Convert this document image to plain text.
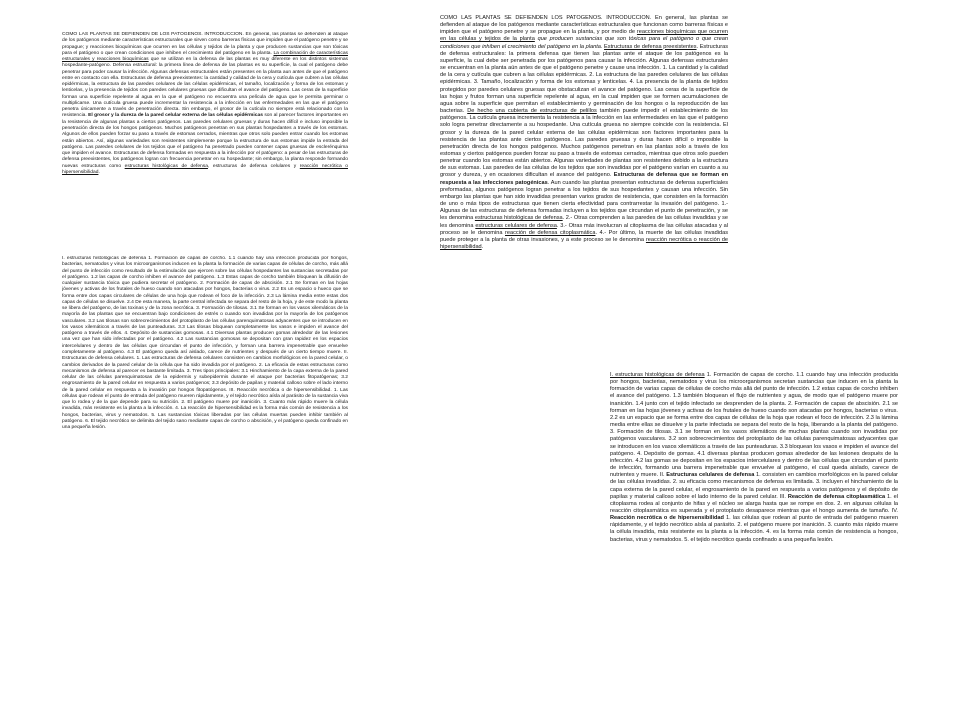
COMO LAS PLANTAS SE DEFIENDEN DE LOS PATÓGENOS. INTRODUCCIÓN. En general, las plantas se defienden al ataque de los patógenos mediante características estructurales que sirven como barreras físicas que impiden que el patógeno penetre y se propague; y reacciones bioquímicas que ocurren en las células y tejidos de la planta y que producen sustancias que son tóxicas para el patógeno o que crean condiciones que inhiben el crecimiento del patógeno en la planta. La combinación de características estructurales y reacciones bioquímicas que se utilizan en la defensa de las plantas es muy diferente en los distintos sistemas hospedante-patógeno. Defensa estructural: la primera línea de defensa de las plantas es su superficie, la cual el patógeno debe penetrar para poder causar la infección. Algunas defensas estructurales están presentes en la planta aun antes de que el patógeno entre en contacto con ella. Estructuras de defensa preexistentes: la cantidad y calidad de la cera y cutícula que cubren a las células epidérmicas, la estructura de las paredes celulares de las células epidérmicas, el tamaño, localización y forma de los estomas y lenticelas, y la presencia de tejidos con paredes celulares gruesas que dificultan el avance del patógeno. Las ceras de la superficie forman una superficie repelente al agua en la que el patógeno no encuentra una película de agua que le permita germinar o multiplicarse. Una cutícula gruesa puede incrementar la resistencia a la infección en las enfermedades en las que el patógeno penetra únicamente a través de penetración directa. Sin embargo, el grosor de la cutícula no siempre está relacionado con la resistencia. El grosor y la dureza de la pared celular externa de las células epidérmicas son al parecer factores importantes en la resistencia de algunas plantas a ciertos patógenos. Las paredes celulares gruesas y duras hacen difícil e incluso imposible la penetración directa de los hongos patógenos. Muchos patógenos penetran en sus plantas hospedantes a través de los estomas. Algunos de ellos pueden forzar su paso a través de estomas cerrados, mientras que otros solo pueden entrar cuando los estomas están abiertos. Así, algunas variedades son resistentes simplemente porque la estructura de sus estomas impide la entrada del patógeno. Las paredes celulares de los tejidos que el patógeno ha penetrado pueden contener capas gruesas de esclerénquima que impiden el avance. Estructuras de defensa formadas en respuesta a la infección por el patógeno: a pesar de las estructuras de defensa preexistentes, los patógenos logran con frecuencia penetrar en su hospedante; sin embargo, la planta responde formando nuevas estructuras como estructuras histológicas de defensa, estructuras de defensa celulares y reacción necrótica o hipersensibilidad.

I. estructuras histológicas de defensa 1. Formación de capas de corcho. 1.1 cuando hay una infección producida por hongos, bacterias, nematodos y virus los microorganismos inducen en la planta la formación de varias capas de células de corcho, más allá del punto de infección como resultado de la estimulación que ejercen sobre las células hospedantes las sustancias secretadas por el patógeno. 1.2 las capas de corcho inhiben el avance del patógeno. 1.3 Estas capas de corcho también bloquean la difusión de cualquier sustancia tóxica que pudiera secretar el patógeno. 2. Formación de capas de abscisión. 2.1 Se forman en las hojas jóvenes y activas de los frutales de hueso cuando son atacadas por hongos, bacterias o virus. 2.2 Es un espacio o hueco que se forma entre dos capas circulares de células de una hoja que rodean el foco de la infección. 2.3 La lámina media entre estas dos capas de células se disuelve. 2.4 De esta manera, la parte central infectada se separa del resto de la hoja, y de este modo la planta se libera del patógeno, de las toxinas y de la zona necrótica. 3. Formación de tilosas. 3.1 Se forman en los vasos xilemáticos de la mayoría de las plantas que se encuentran bajo condiciones de estrés o cuando son invadidas por la mayoría de los patógenos vasculares. 3.2 Las tilosas son sobrecrecimientos del protoplasto de las células parenquimatosas adyacentes que se introducen en los vasos xilemáticos a través de las punteaduras. 3.3 Las tilosas bloquean completamente los vasos e impiden el avance del patógeno a través de ellos. 4. Depósito de sustancias gomosas. 4.1 Diversas plantas producen gomas alrededor de las lesiones una vez que han sido infectadas por el patógeno. 4.2 Las sustancias gomosas se depositan con gran rapidez en los espacios intercelulares y dentro de las células que circundan el punto de infección, y forman una barrera impenetrable que envuelve completamente al patógeno. 4.3 El patógeno queda así aislado, carece de nutrientes y después de un cierto tiempo muere. II. Estructuras de defensa celulares. 1. Las estructuras de defensa celulares consisten en cambios morfológicos en la pared celular, o cambios derivados de la pared celular de la célula que ha sido invadida por el patógeno. 2. La eficacia de estas estructuras como mecanismos de defensa al parecer es bastante limitada. 3. Tres tipos principales: 3.1 Hinchamiento de la capa externa de la pared celular de las células parenquimatosas de la epidermis y subepidermis durante el ataque por bacterias fitopatógenas; 3.2 engrosamiento de la pared celular en respuesta a varios patógenos; 3.3 depósito de papilas y material calloso sobre el lado interno de la pared celular en respuesta a la invasión por hongos fitopatógenos. III. Reacción necrótica o de hipersensibilidad. 1. Las células que rodean el punto de entrada del patógeno mueren rápidamente, y el tejido necrótico aísla al parásito de la sustancia viva que lo rodea y de la que depende para su nutrición. 2. El patógeno muere por inanición. 3. Cuanto más rápido muere la célula invadida, más resistente es la planta a la infección. 4. La reacción de hipersensibilidad es la forma más común de resistencia a los hongos, bacterias, virus y nematodos. 5. Las sustancias tóxicas liberadas por las células muertas pueden inhibir también al patógeno. 6. El tejido necrótico se delimita del tejido sano mediante capas de corcho o abscisión, y el patógeno queda confinado en una pequeña lesión.

COMO LAS PLANTAS SE DEFIENDEN LOS PATÓGENOS. INTRODUCCIÓN. En general, las plantas se defienden al ataque de los patógenos mediante características estructurales que funcionan como barreras físicas e impiden que el patógeno penetre y se propague en la planta, y por medio de reacciones bioquímicas que ocurren en las células y tejidos de la planta que producen sustancias que son tóxicas para el patógeno o que crean condiciones que inhiben el crecimiento del patógeno en la planta. Estructuras de defensa preexistentes. Estructuras de defensa estructurales: la primera defensa que tienen las plantas ante el ataque de los patógenos es la superficie, la cual debe ser penetrada por los patógenos para causar la infección. Algunas defensas estructurales se encuentran en la planta aún antes de que el patógeno penetre y cause una infección. 1. La cantidad y la calidad de la cera y cutícula que cubren a las células epidérmicas. 2. La estructura de las paredes celulares de las células epidérmicas. 3. Tamaño, localización y forma de los estomas y lenticelas. 4. La presencia de la planta de tejidos protegidos por paredes celulares gruesas que obstaculizan el avance del patógeno. Las ceras de la superficie de las hojas y frutos forman una superficie repelente al agua, en la cual impiden que se formen acumulaciones de agua sobre la superficie que permitan el establecimiento y germinación de los hongos o la reproducción de las bacterias. De hecho una cubierta de estructuras de pelillos también puede impedir el establecimiento de los patógenos. La cutícula gruesa incrementa la resistencia a la infección en las enfermedades en las que el patógeno solo logra penetrar directamente a su hospedante. Una cutícula gruesa no siempre coincide con la resistencia. El grosor y la dureza de la pared celular externa de las células epidérmicas son factores importantes para la resistencia de las plantas ante ciertos patógenos. Las paredes gruesas y duras hacen difícil o imposible la penetración directa de los hongos patógenos. Muchos patógenos penetran en las plantas solo a través de los estomas y ciertos patógenos pueden forzar su paso a través de estomas cerrados, mientras que otros solo pueden penetrar cuando los estomas están abiertos. Algunas variedades de plantas son resistentes debido a la estructura de sus estomas. Las paredes de las células de los tejidos que son invadidas por el patógeno varían en cuanto a su grosor y dureza, y en ocasiones dificultan el avance del patógeno. Estructuras de defensa que se forman en respuesta a las infecciones patogénicas. Aun cuando las plantas presentan estructuras de defensa superficiales preformadas, algunos patógenos logran penetrar a los tejidos de sus hospedantes y causan una infección. Sin embargo las plantas que han sido invadidas presentan varios grados de resistencia, que consisten en la formación de uno o más tipos de estructuras que tienen cierta efectividad para contrarrestar la invasión del patógeno. 1.- Algunas de las estructuras de defensa formadas incluyen a los tejidos que circundan el punto de penetración, y se les denomina estructuras histológicas de defensa. 2.- Otras comprenden a las paredes de las células invadidas y se les denomina estructuras celulares de defensa. 3.- Otras más involucran al citoplasma de las células atacadas y al proceso se le denomina reacción de defensa citoplasmática. 4.- Por último, la muerte de las células invadidas puede proteger a la planta de otras invasiones, y a este proceso se le denomina reacción necrótica o reacción de hipersensibilidad.

I. estructuras histológicas de defensa 1. Formación de capas de corcho. 1.1 cuando hay una infección producida por hongos, bacterias, nematodos y virus los microorganismos secretan sustancias que inducen en la planta la formación de varias capas de células de corcho más allá del punto de infección. 1.2 estas capas de corcho inhiben el avance del patógeno. 1.3 también bloquean el flujo de nutrientes y agua, de modo que el patógeno muere por inanición. 1.4 junto con el tejido infectado se desprenden de la planta. 2. Formación de capas de abscisión. 2.1 se forman en las hojas jóvenes y activas de los frutales de hueso cuando son atacadas por hongos, bacterias o virus. 2.2 es un espacio que se forma entre dos capas de células de la hoja que rodean el foco de infección. 2.3 la lámina media entre ellas se disuelve y la parte infectada se separa del resto de la hoja, liberando a la planta del patógeno. 3. Formación de tilosas. 3.1 se forman en los vasos xilemáticos de muchas plantas cuando son invadidas por patógenos vasculares. 3.2 son sobrecrecimientos del protoplasto de las células parenquimatosas adyacentes que se introducen en los vasos xilemáticos a través de las punteaduras. 3.3 bloquean los vasos e impiden el avance del patógeno. 4. Depósito de gomas. 4.1 diversas plantas producen gomas alrededor de las lesiones después de la infección. 4.2 las gomas se depositan en los espacios intercelulares y dentro de las células que circundan el punto de infección, formando una barrera impenetrable que envuelve al patógeno, el cual queda aislado, carece de nutrientes y muere. II. Estructuras celulares de defensa 1. consisten en cambios morfológicos en la pared celular de las células invadidas. 2. su eficacia como mecanismos de defensa es limitada. 3. incluyen el hinchamiento de la capa externa de la pared celular, el engrosamiento de la pared en respuesta a varios patógenos y el depósito de papilas y material calloso sobre el lado interno de la pared celular. III. Reacción de defensa citoplasmática 1. el citoplasma rodea al conjunto de hifas y el núcleo se alarga hasta que se rompe en dos. 2. en algunas células la reacción citoplasmática es superada y el protoplasto desaparece mientras que el hongo aumenta de tamaño. IV. Reacción necrótica o de hipersensibilidad 1. las células que rodean al punto de entrada del patógeno mueren rápidamente, y el tejido necrótico aísla al parásito. 2. el patógeno muere por inanición. 3. cuanto más rápido muere la célula invadida, más resistente es la planta a la infección. 4. es la forma más común de resistencia a hongos, bacterias, virus y nematodos. 5. el tejido necrótico queda confinado a una pequeña lesión.
